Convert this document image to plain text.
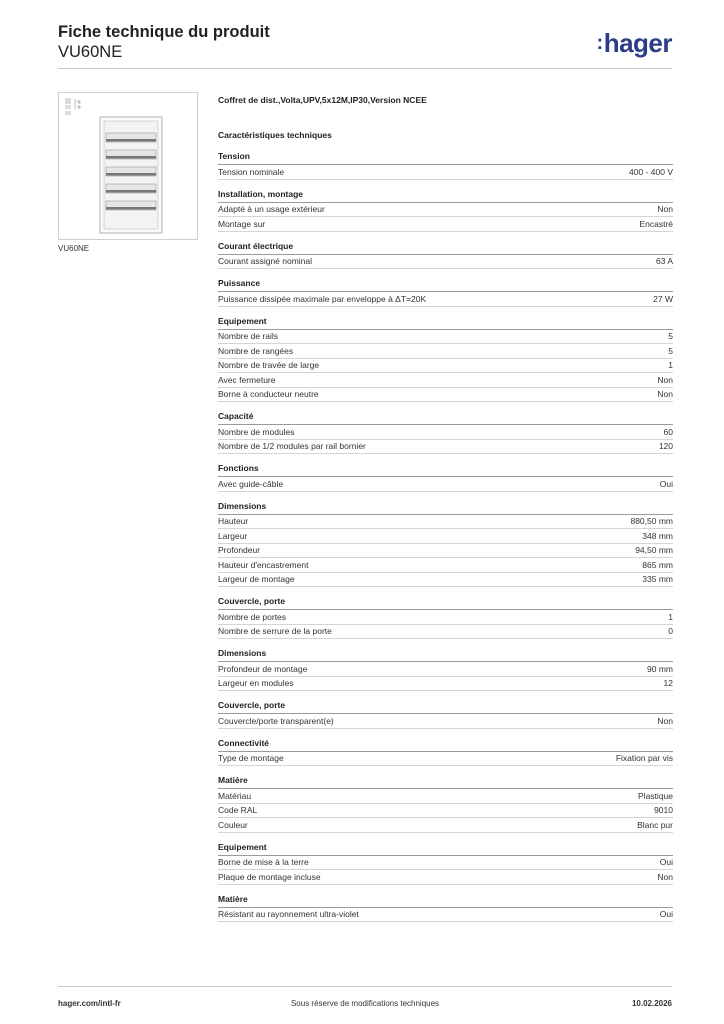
Fiche technique du produit
VU60NE	:hager
VU60NE
Coffret de dist.,Volta,UPV,5x12M,IP30,Version NCEE
Caractéristiques techniques
Tension
Tension nominale	400 - 400 V
Installation, montage
Adapté à un usage extérieur	Non
Montage sur	Encastré
Courant électrique
Courant assigné nominal	63 A
Puissance
Puissance dissipée maximale par enveloppe à ΔT=20K	27 W
Equipement
Nombre de rails	5
Nombre de rangées	5
Nombre de travée de large	1
Avec fermeture	Non
Borne à conducteur neutre	Non
Capacité
Nombre de modules	60
Nombre de 1/2 modules par rail bornier	120
Fonctions
Avec guide-câble	Oui
Dimensions
Hauteur	880,50 mm
Largeur	348 mm
Profondeur	94,50 mm
Hauteur d'encastrement	865 mm
Largeur de montage	335 mm
Couvercle, porte
Nombre de portes	1
Nombre de serrure de la porte	0
Dimensions
Profondeur de montage	90 mm
Largeur en modules	12
Couvercle, porte
Couvercle/porte transparent(e)	Non
Connectivité
Type de montage	Fixation par vis
Matière
Matériau	Plastique
Code RAL	9010
Couleur	Blanc pur
Equipement
Borne de mise à la terre	Oui
Plaque de montage incluse	Non
Matière
Résistant au rayonnement ultra-violet	Oui
hager.com/intl-fr	Sous réserve de modifications techniques	10.02.2026
